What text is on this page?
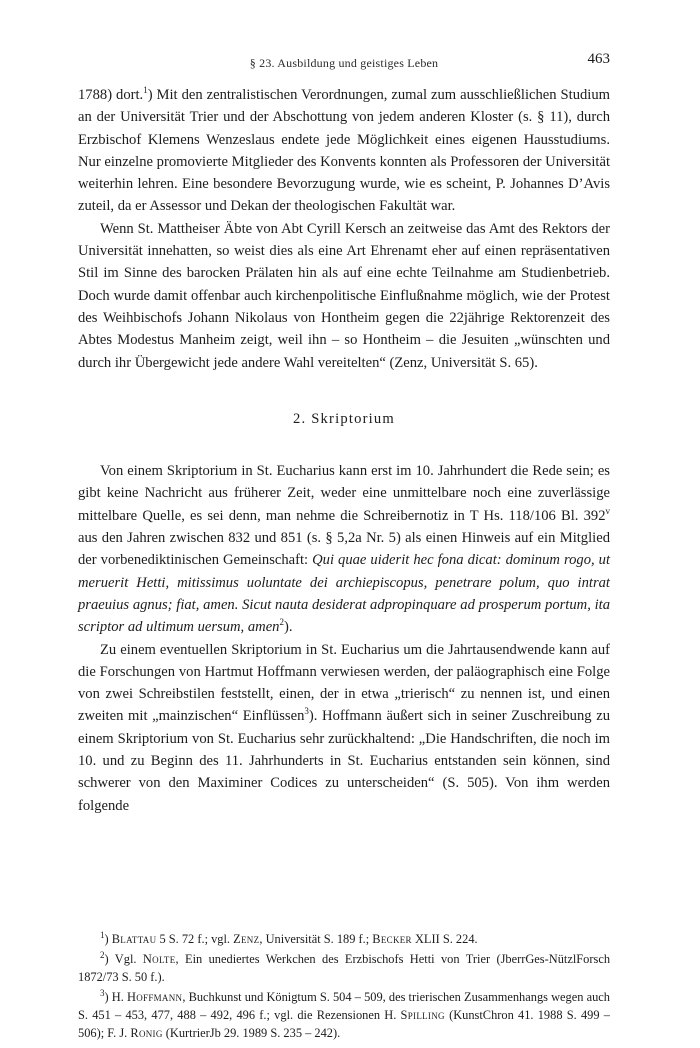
§ 23. Ausbildung und geistiges Leben	463

1788) dort.$^1$) Mit den zentralistischen Verordnungen, zumal zum ausschließlichen Studium an der Universität Trier und der Abschottung von jedem anderen Kloster (s. § 11), durch Erzbischof Klemens Wenzeslaus endete jede Möglichkeit eines eigenen Hausstudiums. Nur einzelne promovierte Mitglieder des Konvents konnten als Professoren der Universität weiterhin lehren. Eine besondere Bevorzugung wurde, wie es scheint, P. Johannes D’Avis zuteil, da er Assessor und Dekan der theologischen Fakultät war.

Wenn St. Mattheiser Äbte von Abt Cyrill Kersch an zeitweise das Amt des Rektors der Universität innehatten, so weist dies als eine Art Ehrenamt eher auf einen repräsentativen Stil im Sinne des barocken Prälaten hin als auf eine echte Teilnahme am Studienbetrieb. Doch wurde damit offenbar auch kirchenpolitische Einflußnahme möglich, wie der Protest des Weihbischofs Johann Nikolaus von Hontheim gegen die 22jährige Rektorenzeit des Abtes Modestus Manheim zeigt, weil ihn – so Hontheim – die Jesuiten „wünschten und durch ihr Übergewicht jede andere Wahl vereitelten“ (Zenz, Universität S. 65).

2. Skriptorium

Von einem Skriptorium in St. Eucharius kann erst im 10. Jahrhundert die Rede sein; es gibt keine Nachricht aus früherer Zeit, weder eine unmittelbare noch eine zuverlässige mittelbare Quelle, es sei denn, man nehme die Schreibernotiz in T Hs. 118/106 Bl. 392$^v$ aus den Jahren zwischen 832 und 851 (s. § 5,2a Nr. 5) als einen Hinweis auf ein Mitglied der vorbenediktinischen Gemeinschaft: Qui quae uiderit hec fona dicat: dominum rogo, ut meruerit Hetti, mitissimus uoluntate dei archiepiscopus, penetrare polum, quo intrat praeuius agnus; fiat, amen. Sicut nauta desiderat adpropinquare ad prosperum portum, ita scriptor ad ultimum uersum, amen$^2$).

Zu einem eventuellen Skriptorium in St. Eucharius um die Jahrtausendwende kann auf die Forschungen von Hartmut Hoffmann verwiesen werden, der paläographisch eine Folge von zwei Schreibstilen feststellt, einen, der in etwa „trierisch“ zu nennen ist, und einen zweiten mit „mainzischen“ Einflüssen$^3$). Hoffmann äußert sich in seiner Zuschreibung zu einem Skriptorium von St. Eucharius sehr zurückhaltend: „Die Handschriften, die noch im 10. und zu Beginn des 11. Jahrhunderts in St. Eucharius entstanden sein können, sind schwerer von den Maximiner Codices zu unterscheiden“ (S. 505). Von ihm werden folgende

$^1$) Blattau 5 S. 72 f.; vgl. Zenz, Universität S. 189 f.; Becker XLII S. 224.

$^2$) Vgl. Nolte, Ein unediertes Werkchen des Erzbischofs Hetti von Trier (JberrGes-NützlForsch 1872/73 S. 50 f.).

$^3$) H. Hoffmann, Buchkunst und Königtum S. 504 – 509, des trierischen Zusammenhangs wegen auch S. 451 – 453, 477, 488 – 492, 496 f.; vgl. die Rezensionen H. Spilling (KunstChron 41. 1988 S. 499 – 506); F. J. Ronig (KurtrierJb 29. 1989 S. 235 – 242).
